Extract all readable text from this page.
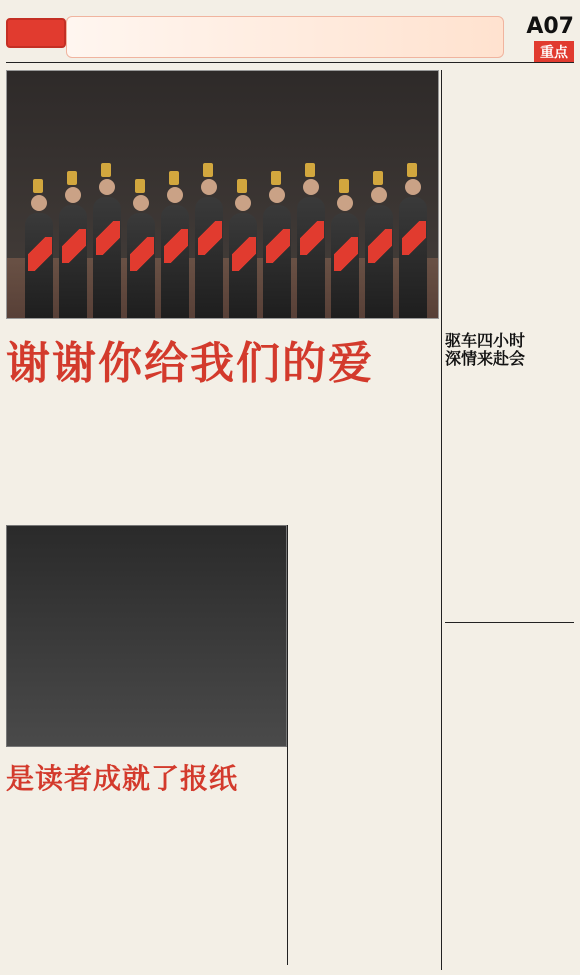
A07
重点
谢谢你给我们的爱	驱车四小时
深情来赴会
是读者成就了报纸
